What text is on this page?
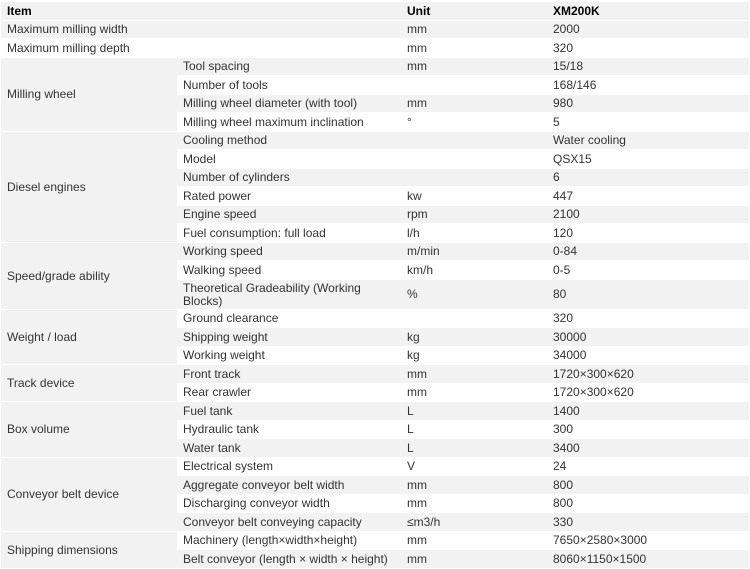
Item		Unit	XM200K
Maximum milling width		mm	2000
Maximum milling depth		mm	320
Milling wheel	Tool spacing	mm	15/18
	Number of tools		168/146
	Milling wheel diameter (with tool)	mm	980
	Milling wheel maximum inclination	°	5
Diesel engines	Cooling method		Water cooling
	Model		QSX15
	Number of cylinders		6
	Rated power	kw	447
	Engine speed	rpm	2100
	Fuel consumption: full load	l/h	120
Speed/grade ability	Working speed	m/min	0-84
	Walking speed	km/h	0-5
	Theoretical Gradeability (Working Blocks)	%	80
Weight / load	Ground clearance		320
	Shipping weight	kg	30000
	Working weight	kg	34000
Track device	Front track	mm	1720×300×620
	Rear crawler	mm	1720×300×620
Box volume	Fuel tank	L	1400
	Hydraulic tank	L	300
	Water tank	L	3400
Conveyor belt device	Electrical system	V	24
	Aggregate conveyor belt width	mm	800
	Discharging conveyor width	mm	800
	Conveyor belt conveying capacity	≤m3/h	330
Shipping dimensions	Machinery (length×width×height)	mm	7650×2580×3000
	Belt conveyor (length × width × height)	mm	8060×1150×1500
